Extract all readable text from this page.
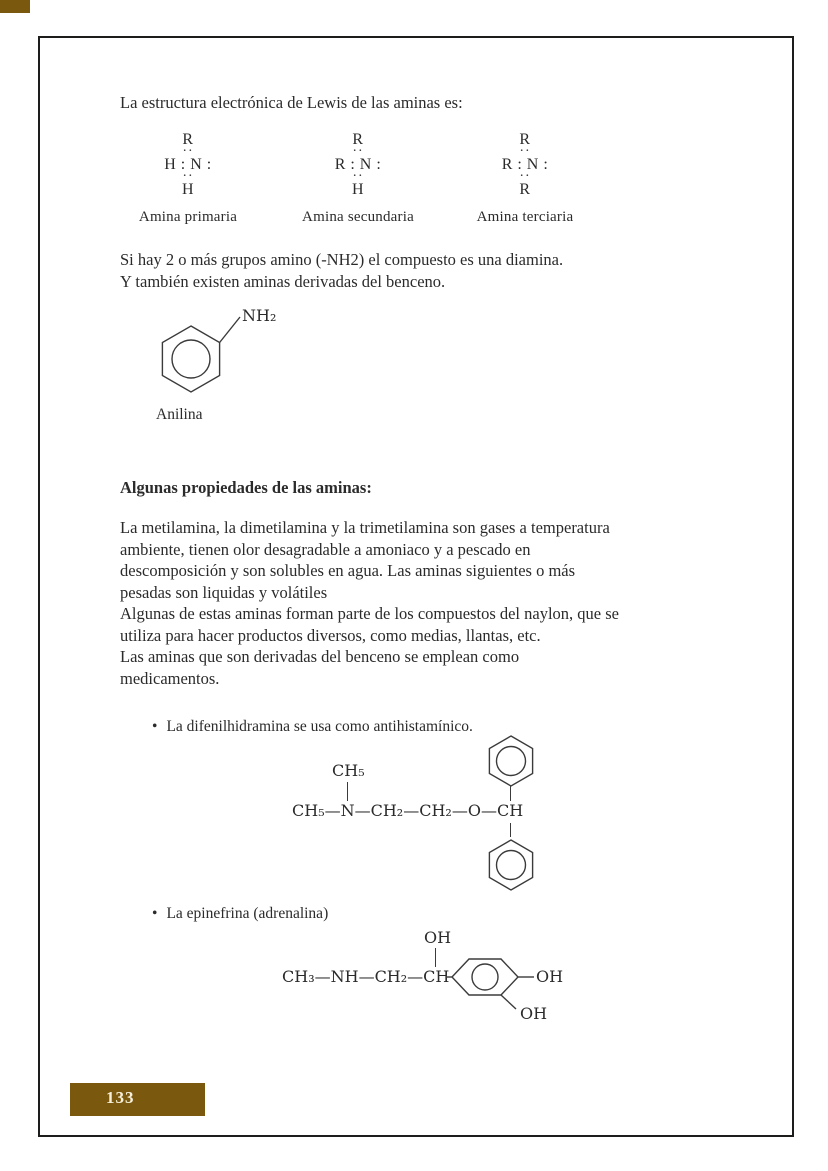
La estructura electrónica de Lewis de las aminas es:
R
··
H : N :
··
H
Amina primaria
R
··
R : N :
··
H
Amina secundaria
R
··
R : N :
··
R
Amina terciaria
Si hay 2 o más grupos amino (-NH2) el compuesto es una diamina.
Y también existen aminas derivadas del benceno.
NH₂
Anilina
Algunas propiedades de las aminas:
La metilamina, la dimetilamina y la trimetilamina son gases a temperatura
ambiente, tienen olor desagradable a amoniaco y a pescado en
descomposición y son solubles en agua. Las aminas siguientes o más
pesadas son liquidas y volátiles
Algunas de estas aminas forman parte de los compuestos del naylon, que se
utiliza para hacer productos diversos, como medias, llantas, etc.
Las aminas que son derivadas del benceno se emplean como
medicamentos.
• La difenilhidramina se usa como antihistamínico.
CH₅
CH₅—N—CH₂—CH₂—O—CH
• La epinefrina (adrenalina)
OH
CH₃—NH—CH₂—CH	OH
OH
133
